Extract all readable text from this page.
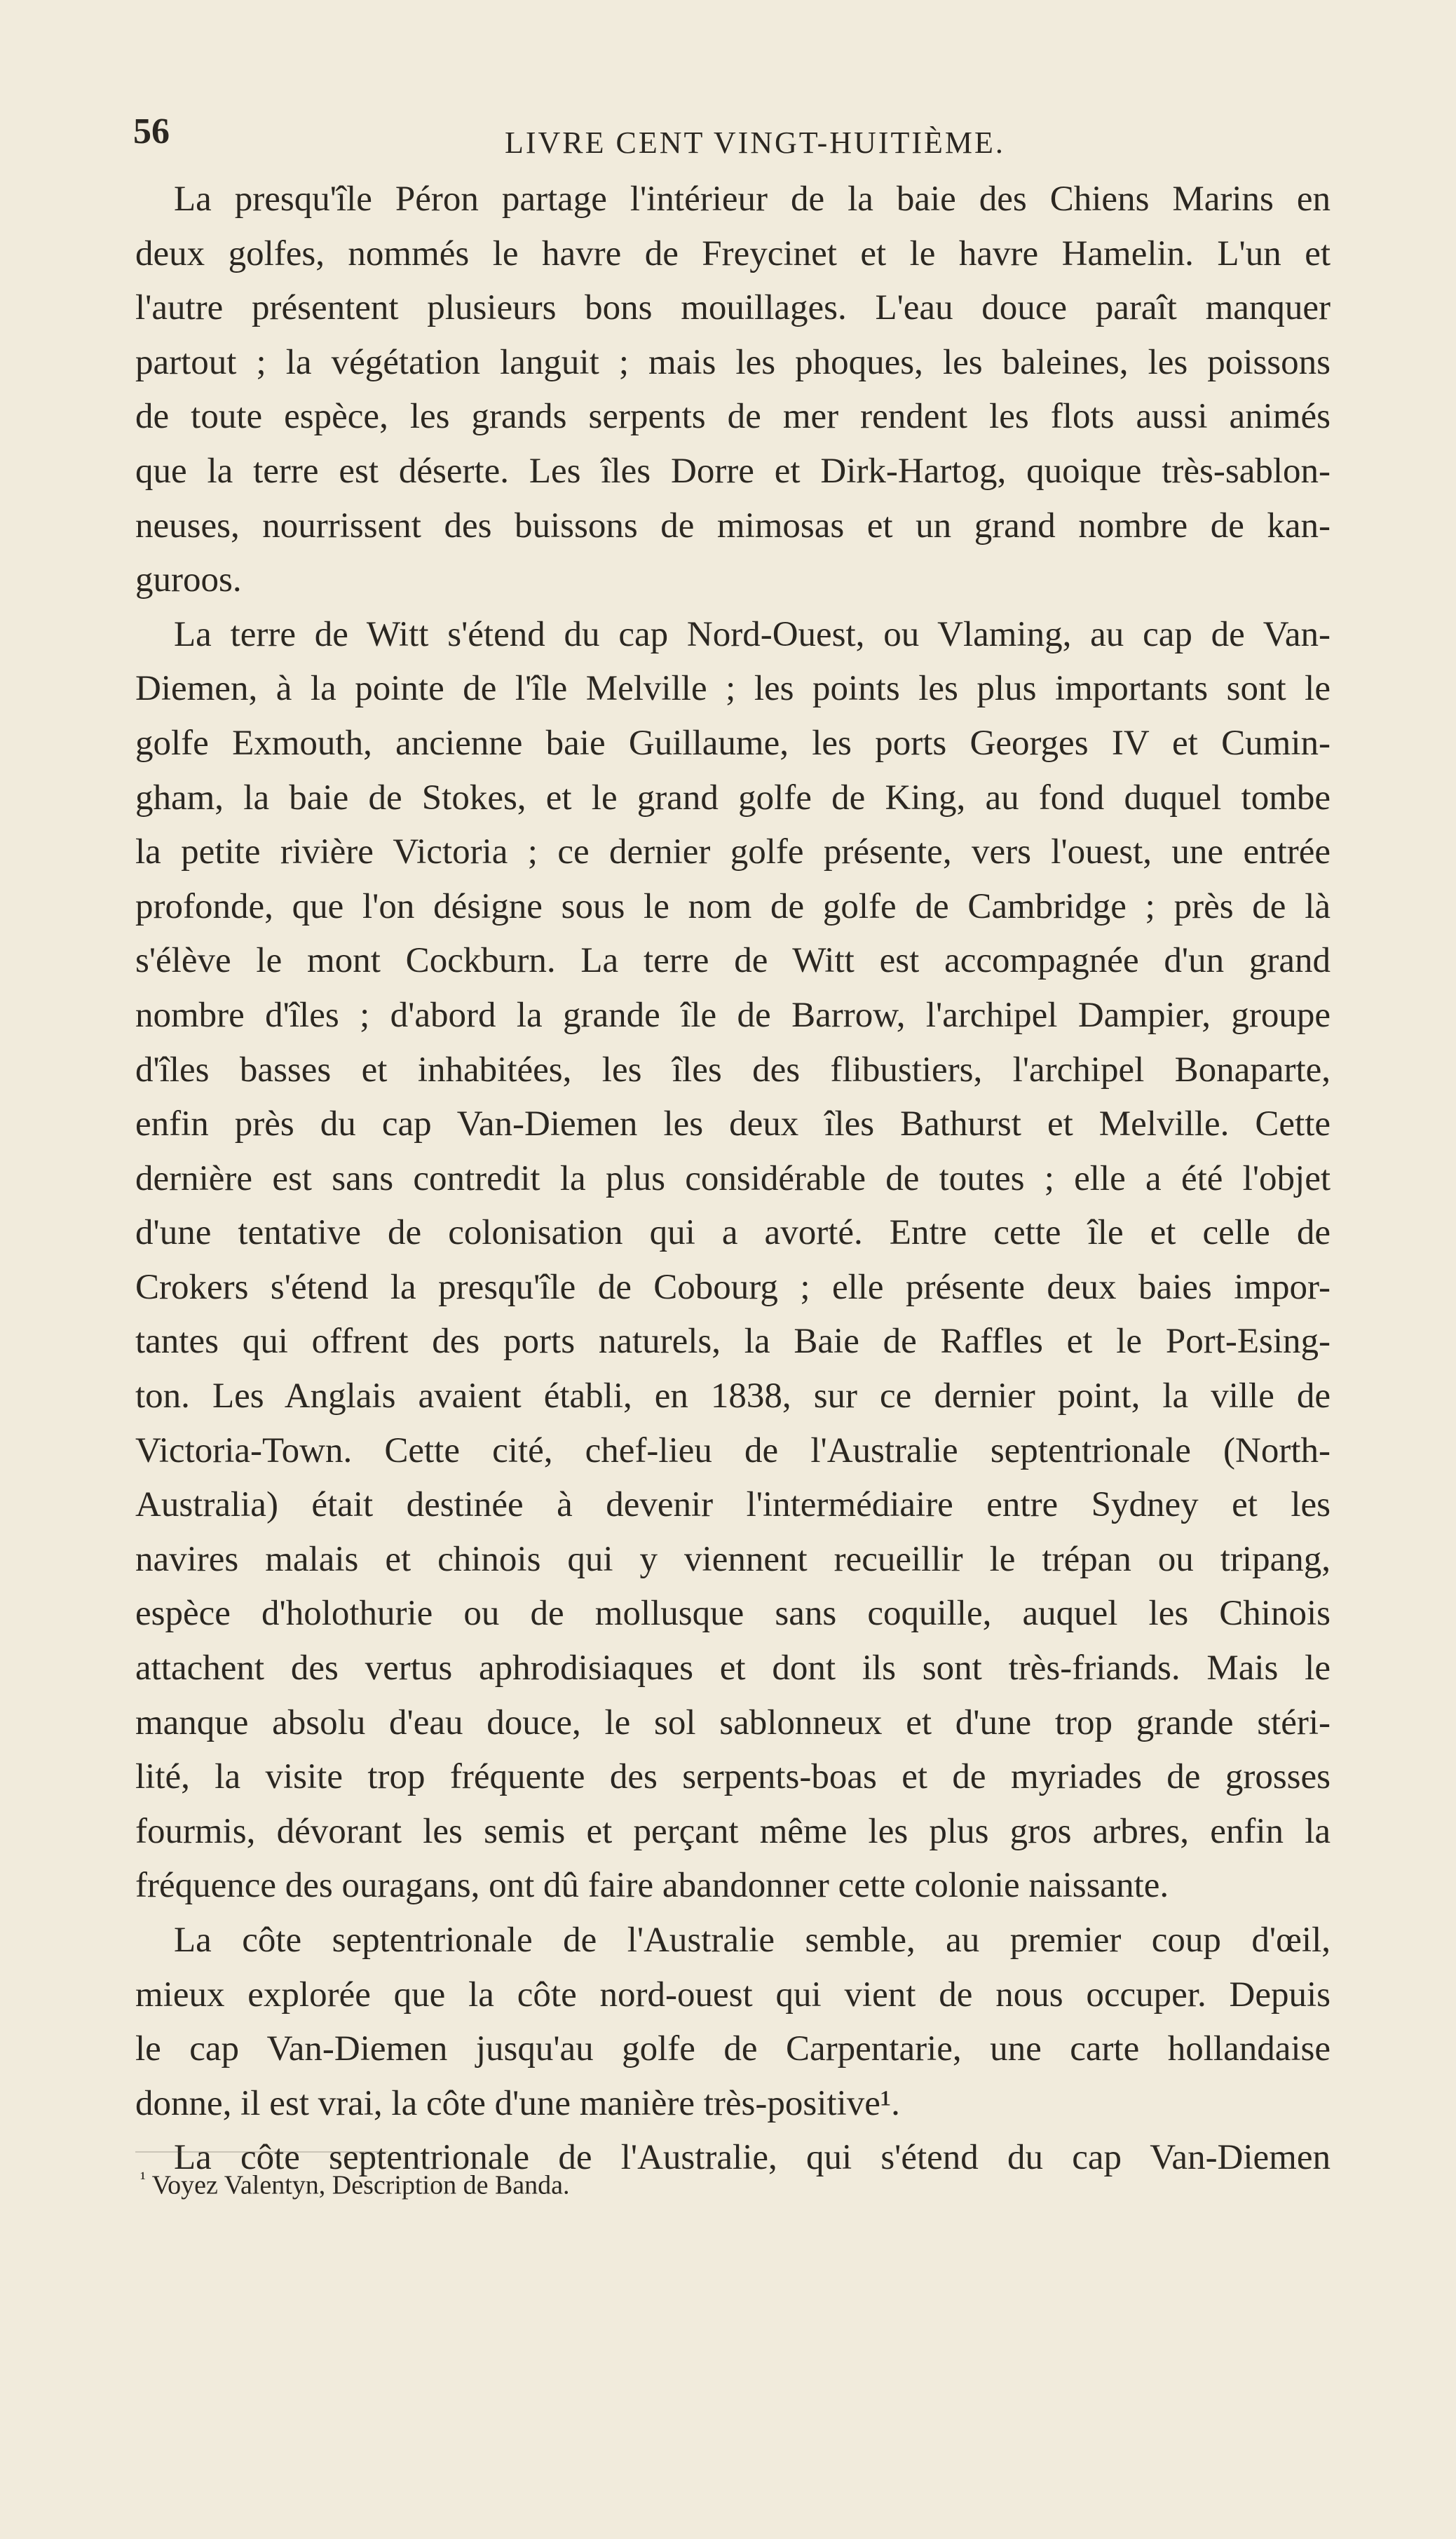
56	LIVRE CENT VINGT-HUITIÈME.
La presqu'île Péron partage l'intérieur de la baie des Chiens Marins en
deux golfes, nommés le havre de Freycinet et le havre Hamelin. L'un et
l'autre présentent plusieurs bons mouillages. L'eau douce paraît manquer
partout ; la végétation languit ; mais les phoques, les baleines, les poissons
de toute espèce, les grands serpents de mer rendent les flots aussi animés
que la terre est déserte. Les îles Dorre et Dirk-Hartog, quoique très-sablon-
neuses, nourrissent des buissons de mimosas et un grand nombre de kan-
guroos.
La terre de Witt s'étend du cap Nord-Ouest, ou Vlaming, au cap de Van-
Diemen, à la pointe de l'île Melville ; les points les plus importants sont le
golfe Exmouth, ancienne baie Guillaume, les ports Georges IV et Cumin-
gham, la baie de Stokes, et le grand golfe de King, au fond duquel tombe
la petite rivière Victoria ; ce dernier golfe présente, vers l'ouest, une entrée
profonde, que l'on désigne sous le nom de golfe de Cambridge ; près de là
s'élève le mont Cockburn. La terre de Witt est accompagnée d'un grand
nombre d'îles ; d'abord la grande île de Barrow, l'archipel Dampier, groupe
d'îles basses et inhabitées, les îles des flibustiers, l'archipel Bonaparte,
enfin près du cap Van-Diemen les deux îles Bathurst et Melville. Cette
dernière est sans contredit la plus considérable de toutes ; elle a été l'objet
d'une tentative de colonisation qui a avorté. Entre cette île et celle de
Crokers s'étend la presqu'île de Cobourg ; elle présente deux baies impor-
tantes qui offrent des ports naturels, la Baie de Raffles et le Port-Esing-
ton. Les Anglais avaient établi, en 1838, sur ce dernier point, la ville de
Victoria-Town. Cette cité, chef-lieu de l'Australie septentrionale (North-
Australia) était destinée à devenir l'intermédiaire entre Sydney et les
navires malais et chinois qui y viennent recueillir le trépan ou tripang,
espèce d'holothurie ou de mollusque sans coquille, auquel les Chinois
attachent des vertus aphrodisiaques et dont ils sont très-friands. Mais le
manque absolu d'eau douce, le sol sablonneux et d'une trop grande stéri-
lité, la visite trop fréquente des serpents-boas et de myriades de grosses
fourmis, dévorant les semis et perçant même les plus gros arbres, enfin la
fréquence des ouragans, ont dû faire abandonner cette colonie naissante.
La côte septentrionale de l'Australie semble, au premier coup d'œil,
mieux explorée que la côte nord-ouest qui vient de nous occuper. Depuis
le cap Van-Diemen jusqu'au golfe de Carpentarie, une carte hollandaise
donne, il est vrai, la côte d'une manière très-positive¹.
La côte septentrionale de l'Australie, qui s'étend du cap Van-Diemen
$^{^1}$ Voyez Valentyn, Description de Banda.
